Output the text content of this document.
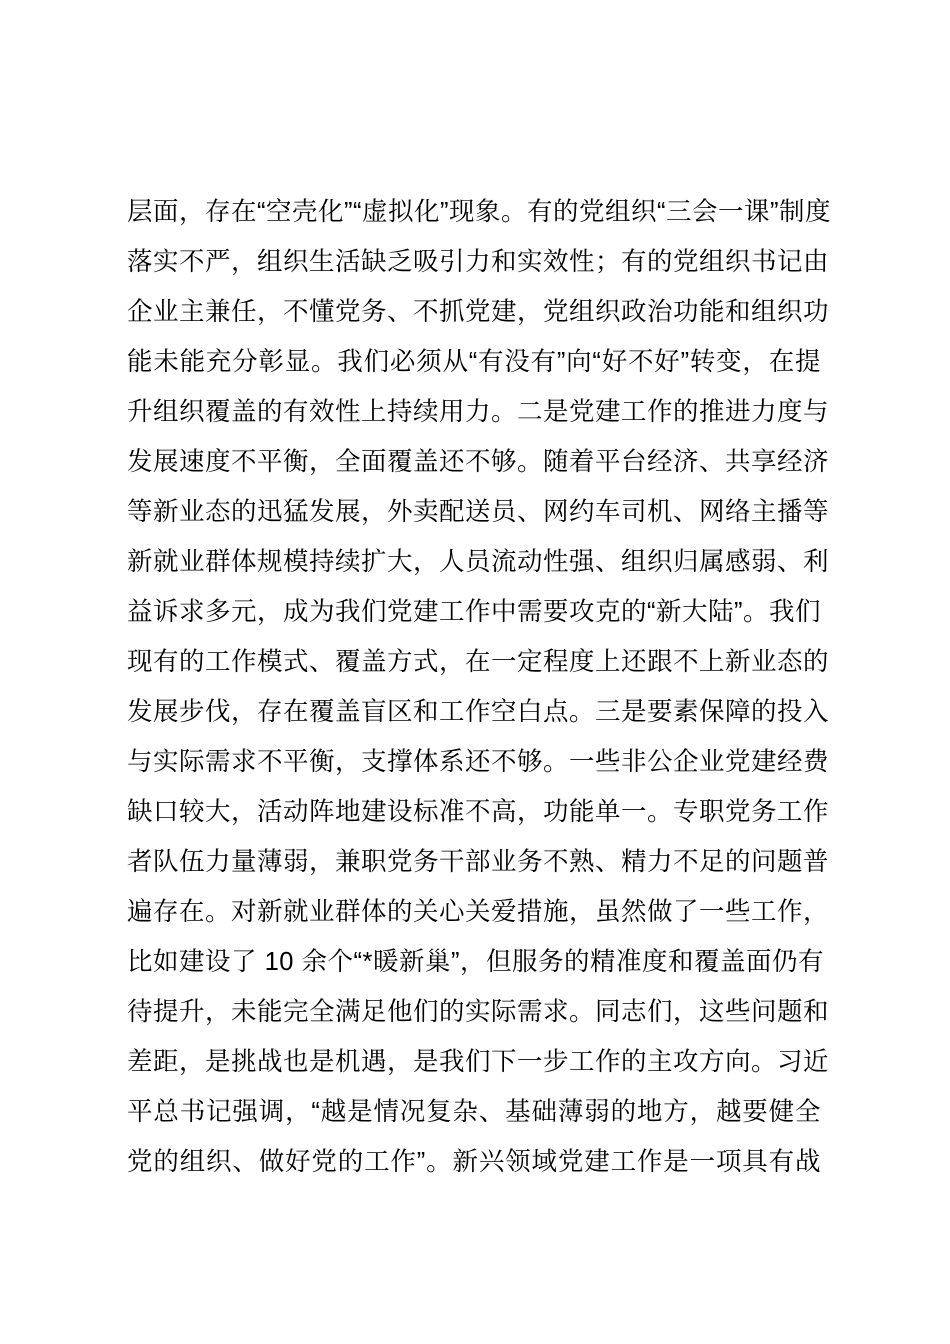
层面，存在“空壳化”“虚拟化”现象。有的党组织“三会一课”制度
落实不严，组织生活缺乏吸引力和实效性；有的党组织书记由
企业主兼任，不懂党务、不抓党建，党组织政治功能和组织功
能未能充分彰显。我们必须从“有没有”向“好不好”转变，在提
升组织覆盖的有效性上持续用力。二是党建工作的推进力度与
发展速度不平衡，全面覆盖还不够。随着平台经济、共享经济
等新业态的迅猛发展，外卖配送员、网约车司机、网络主播等
新就业群体规模持续扩大，人员流动性强、组织归属感弱、利
益诉求多元，成为我们党建工作中需要攻克的“新大陆”。我们
现有的工作模式、覆盖方式，在一定程度上还跟不上新业态的
发展步伐，存在覆盖盲区和工作空白点。三是要素保障的投入
与实际需求不平衡，支撑体系还不够。一些非公企业党建经费
缺口较大，活动阵地建设标准不高，功能单一。专职党务工作
者队伍力量薄弱，兼职党务干部业务不熟、精力不足的问题普
遍存在。对新就业群体的关心关爱措施，虽然做了一些工作，
比如建设了 10 余个“*暖新巢”，但服务的精准度和覆盖面仍有
待提升，未能完全满足他们的实际需求。同志们，这些问题和
差距，是挑战也是机遇，是我们下一步工作的主攻方向。习近
平总书记强调，“越是情况复杂、基础薄弱的地方，越要健全
党的组织、做好党的工作”。新兴领域党建工作是一项具有战
